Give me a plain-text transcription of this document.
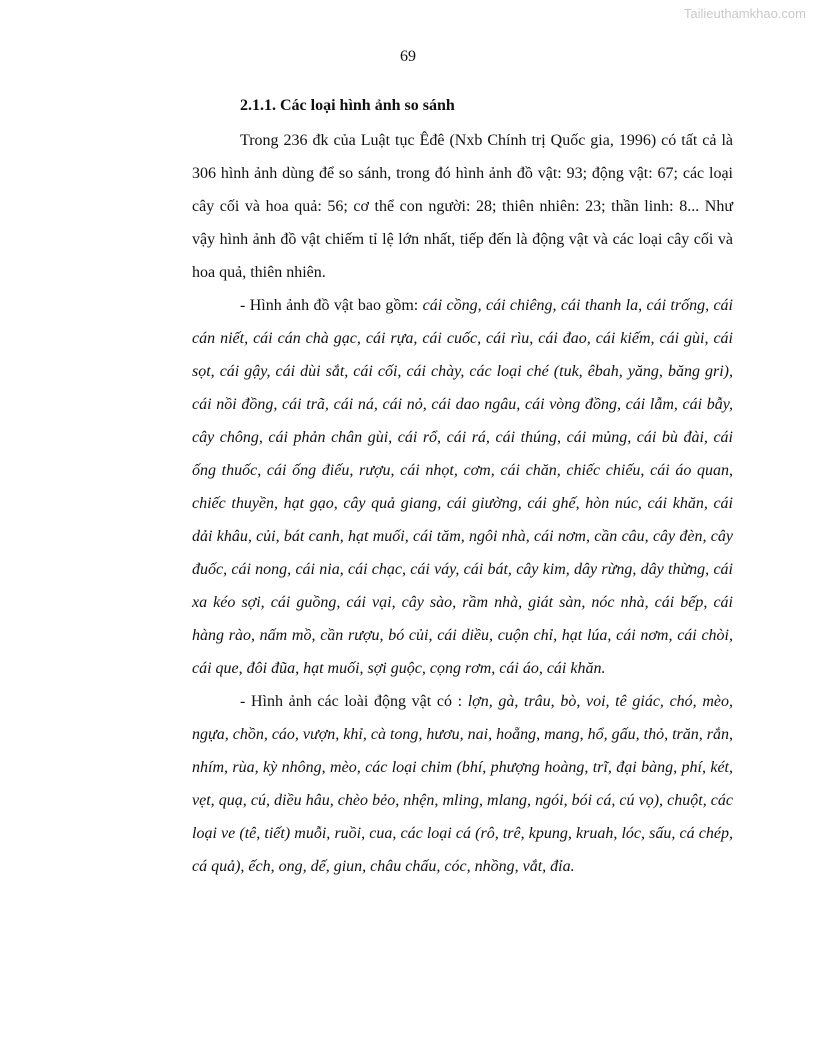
Tailieuthamkhao.com
69
2.1.1. Các loại hình ảnh so sánh

Trong 236 đk của Luật tục Êđê (Nxb Chính trị Quốc gia, 1996) có tất cả là 306 hình ảnh dùng để so sánh, trong đó hình ảnh đồ vật: 93; động vật: 67; các loại cây cối và hoa quả: 56; cơ thể con người: 28; thiên nhiên: 23; thần linh: 8... Như vậy hình ảnh đồ vật chiếm tỉ lệ lớn nhất, tiếp đến là động vật và các loại cây cối và hoa quả, thiên nhiên.

- Hình ảnh đồ vật bao gồm: cái cồng, cái chiêng, cái thanh la, cái trống, cái cán niết, cái cán chà gạc, cái rựa, cái cuốc, cái rìu, cái đao, cái kiếm, cái gùi, cái sọt, cái gậy, cái dùi sắt, cái cối, cái chày, các loại ché (tuk, êbah, yăng, băng gri), cái nồi đồng, cái trã, cái ná, cái nỏ, cái dao ngâu, cái vòng đồng, cái lẫm, cái bẫy, cây chông, cái phản chân gùi, cái rổ, cái rá, cái thúng, cái mủng, cái bù đài, cái ống thuốc, cái ống điếu, rượu, cái nhọt, cơm, cái chăn, chiếc chiếu, cái áo quan, chiếc thuyền, hạt gạo, cây quả giang, cái giường, cái ghế, hòn núc, cái khăn, cái dải khâu, củi, bát canh, hạt muối, cái tăm, ngôi nhà, cái nơm, cần câu, cây đèn, cây đuốc, cái nong, cái nia, cái chạc, cái váy, cái bát, cây kim, dây rừng, dây thừng, cái xa kéo sợi, cái guồng, cái vại, cây sào, rầm nhà, giát sàn, nóc nhà, cái bếp, cái hàng rào, nấm mồ, cần rượu, bó củi, cái diều, cuộn chỉ, hạt lúa, cái nơm, cái chòi, cái que, đôi đũa, hạt muối, sợi guộc, cọng rơm, cái áo, cái khăn.

- Hình ảnh các loài động vật có : lợn, gà, trâu, bò, voi, tê giác, chó, mèo, ngựa, chồn, cáo, vượn, khỉ, cà tong, hươu, nai, hoẵng, mang, hổ, gấu, thỏ, trăn, rắn, nhím, rùa, kỳ nhông, mèo, các loại chim (bhí, phượng hoàng, trĩ, đại bàng, phí, két, vẹt, quạ, cú, diều hâu, chèo bẻo, nhện, mling, mlang, ngói, bói cá, cú vọ), chuột, các loại ve (tê, tiết) muỗi, ruồi, cua, các loại cá (rô, trê, kpung, kruah, lóc, sấu, cá chép, cá quả), ếch, ong, dế, giun, châu chấu, cóc, nhồng, vắt, đỉa.
